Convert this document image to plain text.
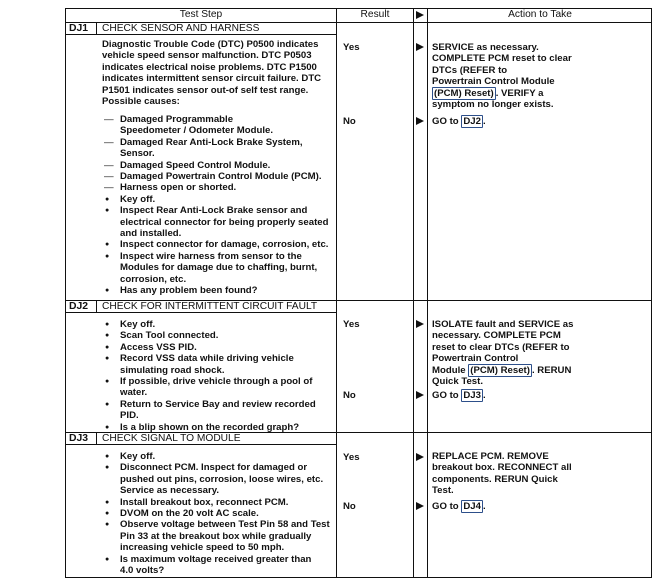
Test Step	Result	Action to Take
DJ1 CHECK SENSOR AND HARNESS
Diagnostic Trouble Code (DTC) P0500 indicates
vehicle speed sensor malfunction. DTC P0503
indicates electrical noise problems. DTC P1500
indicates intermittent sensor circuit failure. DTC
P1501 indicates sensor out-of self test range.
Possible causes:
— Damaged Programmable
Speedometer / Odometer Module.
— Damaged Rear Anti-Lock Brake System,
Sensor.
— Damaged Speed Control Module.
— Damaged Powertrain Control Module (PCM).
— Harness open or shorted.
● Key off.
● Inspect Rear Anti-Lock Brake sensor and
electrical connector for being properly seated
and installed.
● Inspect connector for damage, corrosion, etc.
● Inspect wire harness from sensor to the
Modules for damage due to chaffing, burnt,
corrosion, etc.
● Has any problem been found?
Yes	SERVICE as necessary.
COMPLETE PCM reset to clear
DTCs (REFER to
Powertrain Control Module
(PCM) Reset) . VERIFY a
symptom no longer exists.
No	GO to DJ2 .
DJ2 CHECK FOR INTERMITTENT CIRCUIT FAULT
● Key off.
● Scan Tool connected.
● Access VSS PID.
● Record VSS data while driving vehicle
simulating road shock.
● If possible, drive vehicle through a pool of
water.
● Return to Service Bay and review recorded
PID.
● Is a blip shown on the recorded graph?
Yes	ISOLATE fault and SERVICE as
necessary. COMPLETE PCM
reset to clear DTCs (REFER to
Powertrain Control
Module (PCM) Reset) . RERUN
Quick Test.
No	GO to DJ3 .
DJ3 CHECK SIGNAL TO MODULE
● Key off.
● Disconnect PCM. Inspect for damaged or
pushed out pins, corrosion, loose wires, etc.
Service as necessary.
● Install breakout box, reconnect PCM.
● DVOM on the 20 volt AC scale.
● Observe voltage between Test Pin 58 and Test
Pin 33 at the breakout box while gradually
increasing vehicle speed to 50 mph.
● Is maximum voltage received greater than
4.0 volts?
Yes	REPLACE PCM. REMOVE
breakout box. RECONNECT all
components. RERUN Quick
Test.
No	GO to DJ4 .
